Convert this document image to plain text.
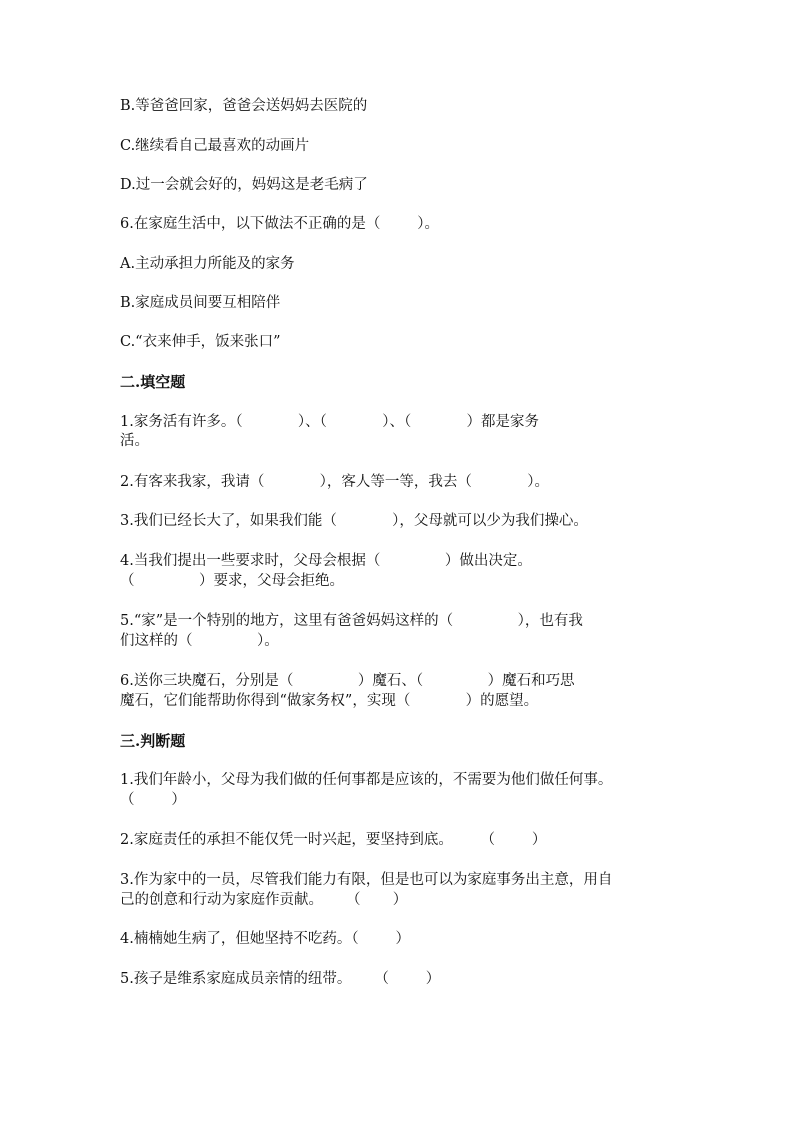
B.等爸爸回家，爸爸会送妈妈去医院的

C.继续看自己最喜欢的动画片

D.过一会就会好的，妈妈这是老毛病了

6.在家庭生活中，以下做法不正确的是（        ）。

A.主动承担力所能及的家务

B.家庭成员间要互相陪伴

C.“衣来伸手，饭来张口”

二.填空题

1.家务活有许多。（            ）、（            ）、（            ）都是家务

活。

2.有客来我家，我请（            ），客人等一等，我去（            ）。

3.我们已经长大了，如果我们能（            ），父母就可以少为我们操心。

4.当我们提出一些要求时，父母会根据（              ）做出决定。

（              ）要求，父母会拒绝。

5.“家”是一个特别的地方，这里有爸爸妈妈这样的（              ），也有我

们这样的（              ）。

6.送你三块魔石，分别是（              ）魔石、（              ）魔石和巧思

魔石，它们能帮助你得到“做家务权”，实现（            ）的愿望。

三.判断题

1.我们年龄小，父母为我们做的任何事都是应该的，不需要为他们做任何事。

（        ）

2.家庭责任的承担不能仅凭一时兴起，要坚持到底。      （        ）

3.作为家中的一员，尽管我们能力有限，但是也可以为家庭事务出主意，用自

己的创意和行动为家庭作贡献。     （       ）

4.楠楠她生病了，但她坚持不吃药。（        ）

5.孩子是维系家庭成员亲情的纽带。     （        ）
